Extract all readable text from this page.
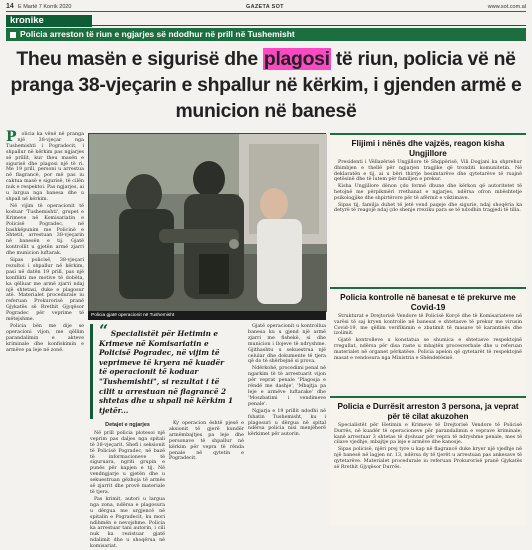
14 E Martë 7 Korrik 2020	GAZETA SOT	www.sot.com.al
kronike
Policia arreston të riun e ngjarjes së ndodhur në prill në Tushemisht
Theu masën e sigurisë dhe plagosi të riun, policia vë në pranga 38-vjeçarin e shpallur në kërkim, i gjenden armë e municion në banesë
P	olicia ka vënë në pranga një 38-vjeçar nga Tushemishti i Pogradecit, i shpallur në kërkim pas ngjarjes së prillit, kur theu masën e sigurisë dhe plagosi një të ri. Me 19 prill, personi u arrestua në flagrancë, por më pas iu caktua masë e sigurisë, të cilën nuk e respektoi. Pas ngjarjes, ai u largua nga banesa dhe u shpall në kërkim.

Në vijim të operacionit të koduar 'Tushemishti', grupet e Krimeve në Komisariatin e Policisë Pogradec, në bashkëpunim me Policinë e Shtetit, arrestuan 38-vjeçarin në banesën e tij. Gjatë kontrollit u gjetën armë zjarri dhe municion luftarak.

Sipas policisë, 38-vjeçari rezultoi i shpallur në kërkim, pasi në datën 19 prill, pas një konflikti me motive të dobëta, ka qëlluar me armë zjarri ndaj një shtetasi, duke e plagosur atë. Materialet procedurale iu referuan Prokurorisë pranë Gjykatës së Rrethit Gjyqësor Pogradec për veprime të mëtejshme.

Policia bën me dije se operacioni vijon, me qëllim parandalimin e akteve kriminale dhe konfiskimin e armëve pa leje në zonë.

Policia gjatë operacionit në Tushemisht
“ Specialistët për Hetimin e Krimeve në Komisariatin e Policisë Pogradec, në vijim të veprimeve të kryera në kuadër të operacionit të koduar "Tushemishti", si rezultat i të cilit u arrestuan në flagrancë 2 shtetas dhe u shpall në kërkim 1 tjetër...
Detajet e ngjarjes

Në prill policia plotesoi një veprim pas daljes nga spitali të 38-vjeçarit. Shefi i seksionit të Policisë Pogradec, në bazë të informacioneve të siguruara, ngriti grupin e punës për kapjen e tij. Në vendngjarje u gjetën dhe u sekuestruan gëzhoja të armës së zjarrit dhe provë materiale të tjera.

Pas krimit, autori u largua nga zona, ndërsa e plagosura u dërgua me urgjencë në spitalin e Pogradecit, ku mori ndihmën e nevojshme. Policia ka arrestuar tani autorin, i cili nuk ka rezistuar gjatë ndalimit dhe u shoqërua në komisariat.

Ky operacion është pjesë e aksionit të gjerë kundër armëmbajtjes pa leje dhe personave të shpallur në kërkim për vepra të rënda penale në qytetin e Pogradecit.

Gjatë operacionit u kontrollua banesa ku u gjend një armë zjarri me fishekë, si dhe municion i llojeve të ndryshme. Gjithashtu u sekuestrua një celular dhe dokumente të tjera që do të shërbejnë si prova.

Ndërkohë, procedimi penal në ngarkim të të arrestuarit vijon për veprat penale 'Plagosja e rëndë me dashje', 'Mbajtja pa leje e armëve luftarake' dhe 'Moszbatimi i vendimeve penale'.

Ngjarja e 19 prillit ndodhi në fshatin Tushemisht, ku i plagosuri u dërgua në spital ndërsa policia nisi menjëherë kërkimet për autorin.

Flijimi i nënës dhe vajzës, reagon kisha Ungjillore

Presidenti i Vëllazërisë Ungjillore të Shqipërisë, Vili Dogjani ka shprehur dhimbjen e thellë për ngjarjen tragjike që tronditi komunitetin. Në deklaratën e tij, ai u bëri thirrje besimtarëve dhe qytetarëve të ruajnë qetësinë dhe të lutem për familjen e prekur.

Kisha Ungjillore dënon çdo formë dhune dhe kërkon që autoritetet të hetojnë me përpikmëri rrethanat e ngjarjes, ndërsa ofron mbështetje psikologjike dhe shpirtërore për të afërmit e viktimave.

Sipas tij, familja duhet të jetë vend paqeje dhe sigurie, ndaj shoqëria ka detyrë të reagojë ndaj çdo shenje rreziku para se të ndodhin tragjedi të tilla.

Policia kontrolle në banesat e të prekurve me Covid-19

Strukturat e Drejtorisë Vendore të Policisë Korçë dhe të Komisariateve në varësi të saj kryen kontrolle në banesat e shtetasve të prekur me virusin Covid-19, me qëllim verifikimin e zbatimit të masave të karantinës dhe izolimit.

Gjatë kontrolleve u konstatua se shumica e shtetasve respektojnë rregullat, ndërsa për disa raste u mbajtën procesverbale dhe u referuan materialet në organet përkatëse. Policia apelon që qytetarët të respektojnë masat e vendosura nga Ministria e Shëndetësisë.

Policia e Durrësit arreston 3 persona, ja veprat për të cilat akuzohen

Specialistët për Hetimin e Krimeve të Drejtorisë Vendore të Policisë Durrës, në kuadër të operacioneve për parandalimin e veprave kriminale, kanë arrestuar 3 shtetas të dyshuar për vepra të ndryshme penale, mes të cilave vjedhje, mbajtje pa leje e armëve dhe kanosje.

Sipas policisë, njëri prej tyre u kap në flagrancë duke kryer një vjedhje në një banesë në lagjen nr. 13, ndërsa dy të tjerët u arrestuan pas ankesave të qytetarëve. Materialet procedurale iu referuan Prokurorisë pranë Gjykatës së Rrethit Gjyqësor Durrës.
